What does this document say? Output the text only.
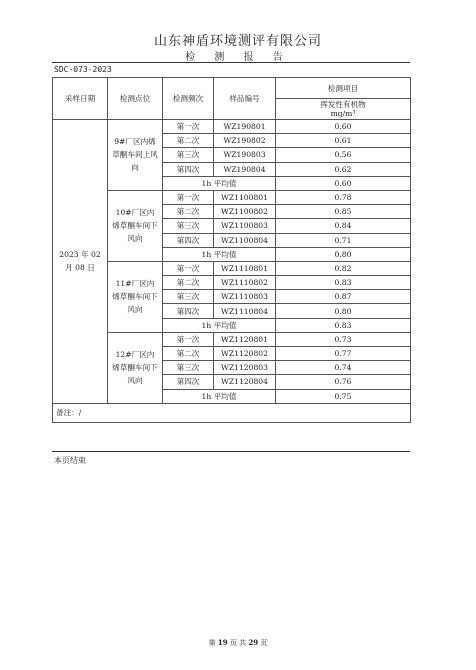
山东神盾环境测评有限公司
检 测 报 告
SDC-073-2023
采样日期	检测点位	检测频次	样品编号	检测项目

				挥发性有机物
mg/m³

2023 年 02 月 08 日	9#厂区内烯草酮车间上风向	第一次	WZ190801	0.60
		第二次	WZ190802	0.61
		第三次	WZ190803	0.56
		第四次	WZ190804	0.62
		1h 平均值		0.60

	10#厂区内烯草酮车间下风向	第一次	WZ1100801	0.78
		第二次	WZ1100802	0.85
		第三次	WZ1100803	0.84
		第四次	WZ1100804	0.71
		1h 平均值		0.80

	11#厂区内烯草酮车间下风向	第一次	WZ1110801	0.82
		第二次	WZ1110802	0.83
		第三次	WZ1110803	0.87
		第四次	WZ1110804	0.80
		1h 平均值		0.83

	12#厂区内烯草酮车间下风向	第一次	WZ1120801	0.73
		第二次	WZ1120802	0.77
		第三次	WZ1120803	0.74
		第四次	WZ1120804	0.76
		1h 平均值		0.75
备注：/				
本页结束
第 19 页 共 29 页
